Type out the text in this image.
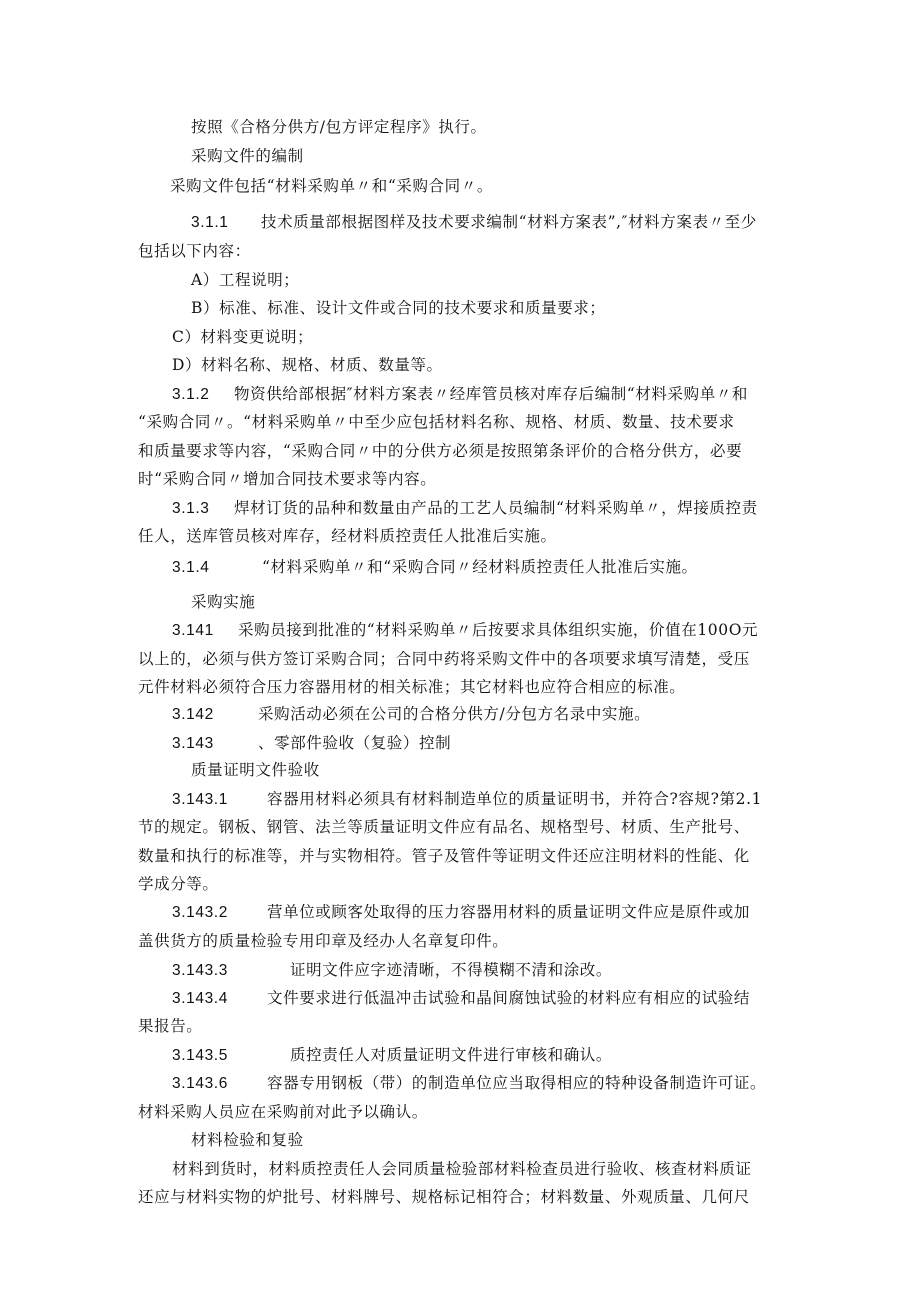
按照《合格分供方/包方评定程序》执行。
采购文件的编制
采购文件包括“材料采购单〃和“采购合同〃。
3.1.1 技术质量部根据图样及技术要求编制“材料方案表”,″材料方案表〃至少
包括以下内容：
A）工程说明；
B）标准、标准、设计文件或合同的技术要求和质量要求；
C）材料变更说明；
D）材料名称、规格、材质、数量等。
3.1.2 物资供给部根据″材料方案表〃经库管员核对库存后编制“材料采购单〃和
“采购合同〃。“材料采购单〃中至少应包括材料名称、规格、材质、数量、技术要求
和质量要求等内容，“采购合同〃中的分供方必须是按照第条评价的合格分供方，必要
时“采购合同〃增加合同技术要求等内容。
3.1.3 焊材订货的品种和数量由产品的工艺人员编制“材料采购单〃，焊接质控责
任人，送库管员核对库存，经材料质控责任人批准后实施。
3.1.4	“材料采购单〃和“采购合同〃经材料质控责任人批准后实施。
采购实施
3.141 采购员接到批准的“材料采购单〃后按要求具体组织实施，价值在100O元
以上的，必须与供方签订采购合同；合同中药将采购文件中的各项要求填写清楚，受压
元件材料必须符合压力容器用材的相关标准；其它材料也应符合相应的标准。
3.142	采购活动必须在公司的合格分供方/分包方名录中实施。
3.143	、零部件验收（复验）控制
质量证明文件验收
3.143.1	容器用材料必须具有材料制造单位的质量证明书，并符合?容规?第2.1
节的规定。钢板、钢管、法兰等质量证明文件应有品名、规格型号、材质、生产批号、
数量和执行的标准等，并与实物相符。管子及管件等证明文件还应注明材料的性能、化
学成分等。
3.143.2	营单位或顾客处取得的压力容器用材料的质量证明文件应是原件或加
盖供货方的质量检验专用印章及经办人名章复印件。
3.143.3	证明文件应字迹清晰，不得模糊不清和涂改。
3.143.4	文件要求进行低温冲击试验和晶间腐蚀试验的材料应有相应的试验结
果报告。
3.143.5	质控责任人对质量证明文件进行审核和确认。
3.143.6	容器专用钢板（带）的制造单位应当取得相应的特种设备制造许可证。
材料采购人员应在采购前对此予以确认。
材料检验和复验
材料到货时，材料质控责任人会同质量检验部材料检查员进行验收、核查材料质证
还应与材料实物的炉批号、材料牌号、规格标记相符合；材料数量、外观质量、几何尺
